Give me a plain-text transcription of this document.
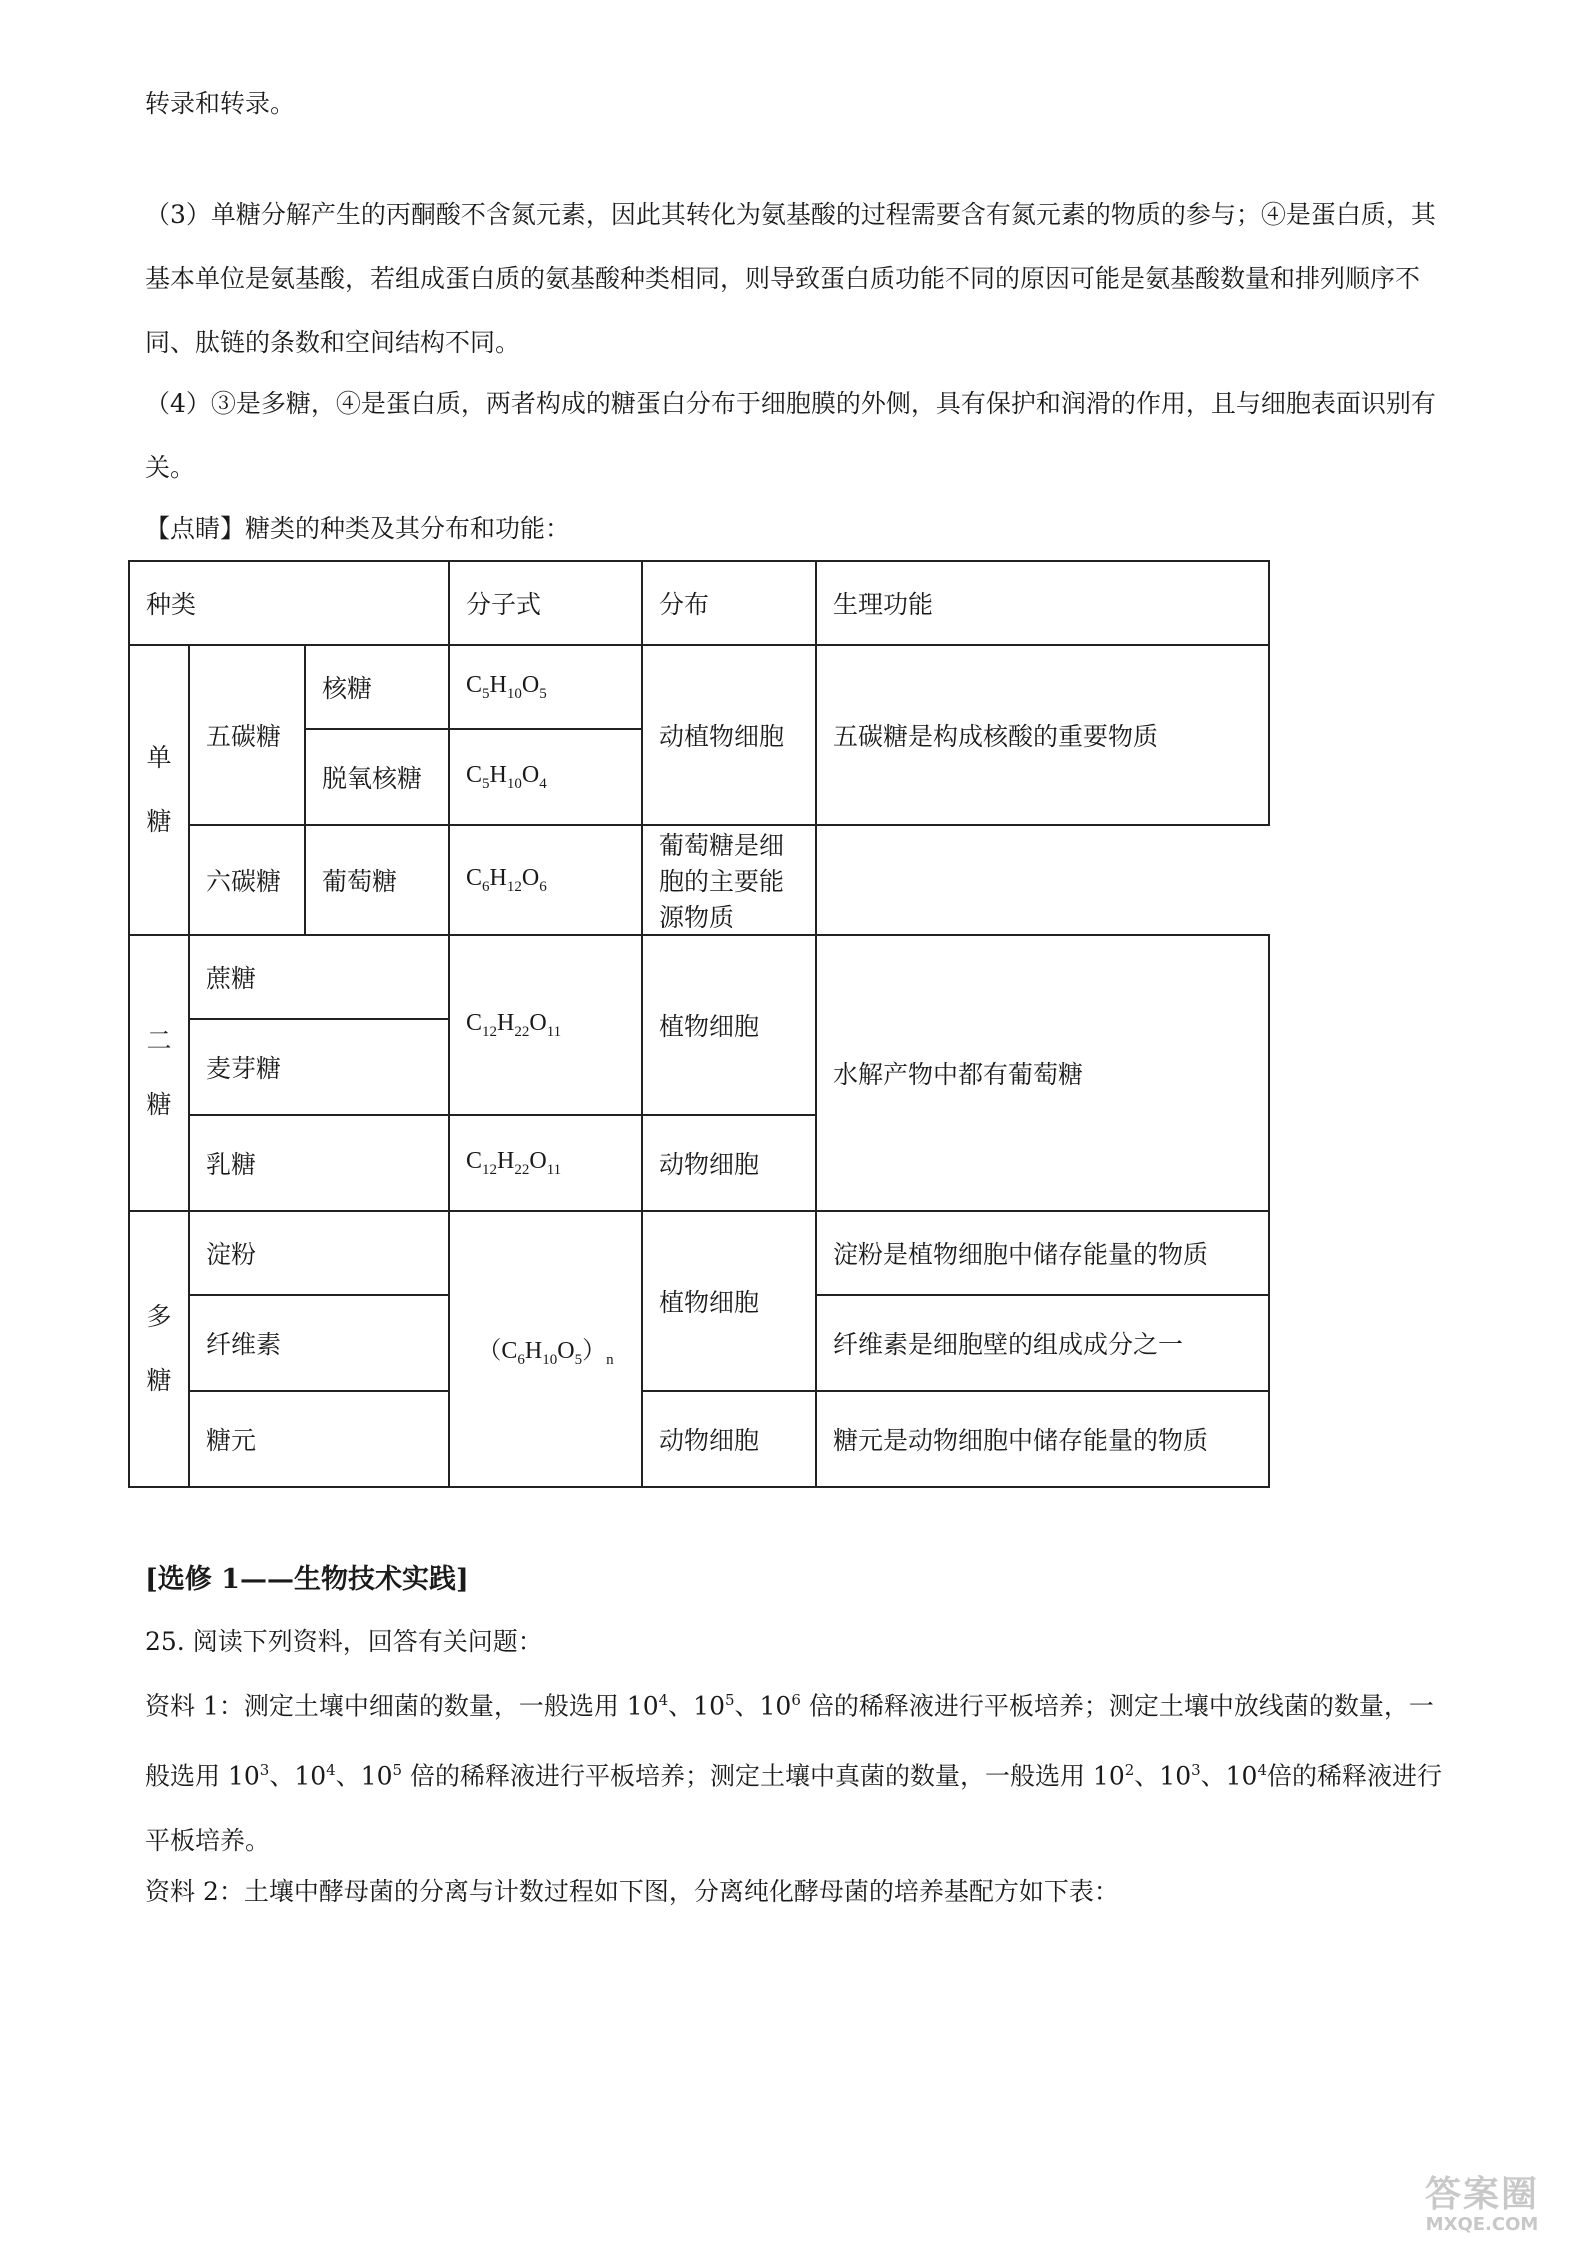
转录和转录。

（3）单糖分解产生的丙酮酸不含氮元素，因此其转化为氨基酸的过程需要含有氮元素的物质的参与；④是蛋白质，其基本单位是氨基酸，若组成蛋白质的氨基酸种类相同，则导致蛋白质功能不同的原因可能是氨基酸数量和排列顺序不同、肽链的条数和空间结构不同。

（4）③是多糖，④是蛋白质，两者构成的糖蛋白分布于细胞膜的外侧，具有保护和润滑的作用，且与细胞表面识别有关。

【点睛】糖类的种类及其分布和功能：

种类			分子式	分布	生理功能

单
糖	五碳糖	核糖	$C_5H_{10}O_5$	动植物细胞	五碳糖是构成核酸的重要物质
		脱氧核糖	$C_5H_{10}O_4$
	六碳糖	葡萄糖	$C_6H_{12}O_6$	葡萄糖是细胞的主要能源物质	

二
糖	蔗糖		$C_{12}H_{22}O_{11}$	植物细胞	水解产物中都有葡萄糖
	麦芽糖				
	乳糖		$C_{12}H_{22}O_{11}$	动物细胞	

多
糖	淀粉		$(C_6H_{10}O_5)_n$	植物细胞	淀粉是植物细胞中储存能量的物质
	纤维素				纤维素是细胞壁的组成成分之一
	糖元			动物细胞	糖元是动物细胞中储存能量的物质

[选修 1——生物技术实践]

25. 阅读下列资料，回答有关问题：

资料 1：测定土壤中细菌的数量，一般选用 $10^4$、$10^5$、$10^6$ 倍的稀释液进行平板培养；测定土壤中放线菌的数量，一般选用 $10^3$、$10^4$、$10^5$ 倍的稀释液进行平板培养；测定土壤中真菌的数量，一般选用 $10^2$、$10^3$、$10^4$倍的稀释液进行平板培养。

资料 2：土壤中酵母菌的分离与计数过程如下图，分离纯化酵母菌的培养基配方如下表：

答案圈
MXQE.COM
